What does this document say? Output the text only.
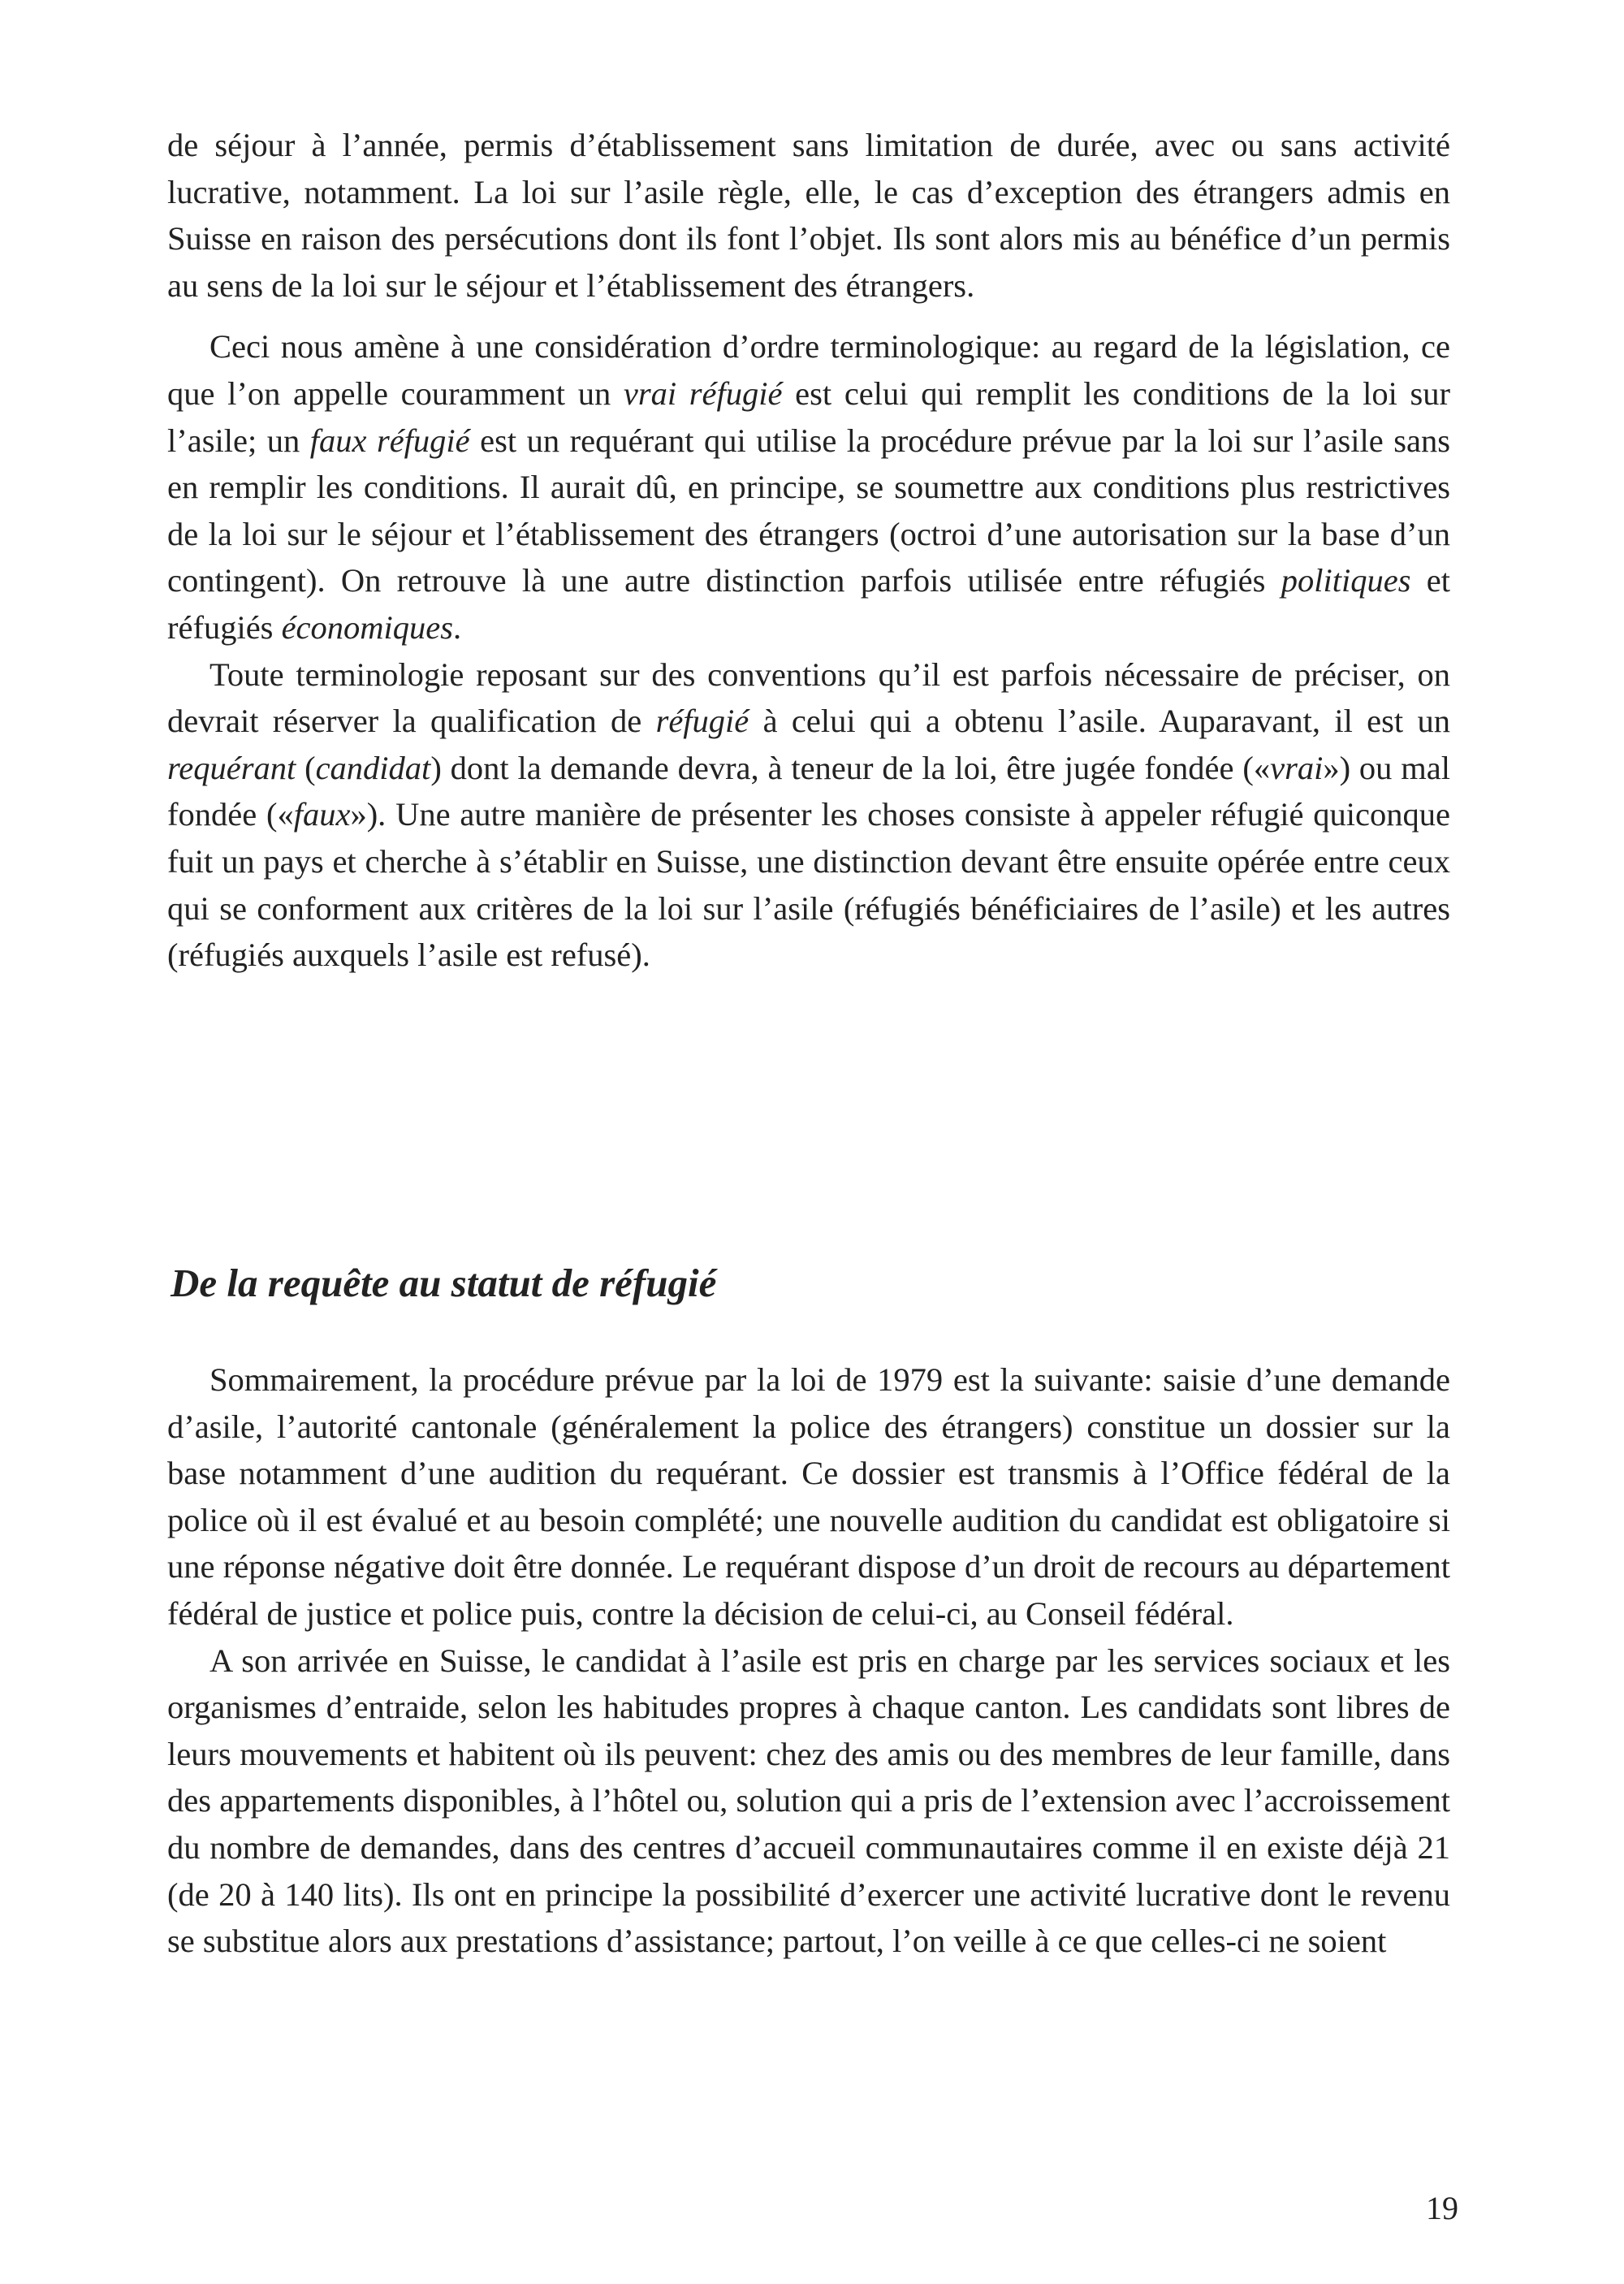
de séjour à l’année, permis d’établissement sans limitation de durée, avec ou sans activité lucrative, notamment. La loi sur l’asile règle, elle, le cas d’exception des étrangers admis en Suisse en raison des persécutions dont ils font l’objet. Ils sont alors mis au bénéfice d’un permis au sens de la loi sur le séjour et l’établissement des étrangers.

Ceci nous amène à une considération d’ordre terminologique: au regard de la législation, ce que l’on appelle couramment un vrai réfugié est celui qui remplit les conditions de la loi sur l’asile; un faux réfugié est un requérant qui utilise la procédure prévue par la loi sur l’asile sans en remplir les conditions. Il aurait dû, en principe, se soumettre aux conditions plus restrictives de la loi sur le séjour et l’établissement des étrangers (octroi d’une autorisation sur la base d’un contingent). On retrouve là une autre distinction parfois utilisée entre réfugiés politiques et réfugiés économiques.

Toute terminologie reposant sur des conventions qu’il est parfois nécessaire de préciser, on devrait réserver la qualification de réfugié à celui qui a obtenu l’asile. Auparavant, il est un requérant (candidat) dont la demande devra, à teneur de la loi, être jugée fondée («vrai») ou mal fondée («faux»). Une autre manière de présenter les choses consiste à appeler réfugié quiconque fuit un pays et cherche à s’établir en Suisse, une distinction devant être ensuite opérée entre ceux qui se conforment aux critères de la loi sur l’asile (réfugiés bénéficiaires de l’asile) et les autres (réfugiés auxquels l’asile est refusé).

De la requête au statut de réfugié

Sommairement, la procédure prévue par la loi de 1979 est la suivante: saisie d’une demande d’asile, l’autorité cantonale (généralement la police des étrangers) constitue un dossier sur la base notamment d’une audition du requérant. Ce dossier est transmis à l’Office fédéral de la police où il est évalué et au besoin complété; une nouvelle audition du candidat est obligatoire si une réponse négative doit être donnée. Le requérant dispose d’un droit de recours au département fédéral de justice et police puis, contre la décision de celui-ci, au Conseil fédéral.

A son arrivée en Suisse, le candidat à l’asile est pris en charge par les services sociaux et les organismes d’entraide, selon les habitudes propres à chaque canton. Les candidats sont libres de leurs mouvements et habitent où ils peuvent: chez des amis ou des membres de leur famille, dans des appartements disponibles, à l’hôtel ou, solution qui a pris de l’extension avec l’accroissement du nombre de demandes, dans des centres d’accueil communautaires comme il en existe déjà 21 (de 20 à 140 lits). Ils ont en principe la possibilité d’exercer une activité lucrative dont le revenu se substitue alors aux prestations d’assistance; partout, l’on veille à ce que celles-ci ne soient

19
